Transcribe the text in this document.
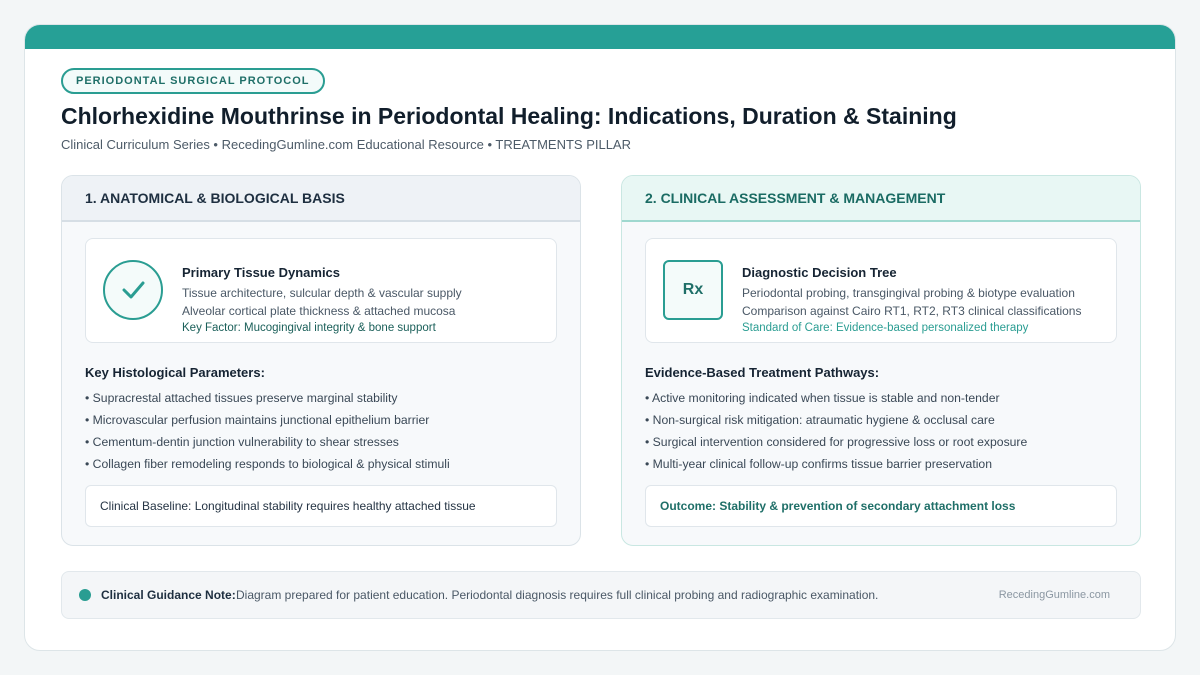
PERIODONTAL SURGICAL PROTOCOL
Chlorhexidine Mouthrinse in Periodontal Healing: Indications, Duration & Staining
Clinical Curriculum Series • RecedingGumline.com Educational Resource • TREATMENTS PILLAR
1. ANATOMICAL & BIOLOGICAL BASIS
Primary Tissue Dynamics
Tissue architecture, sulcular depth & vascular supply
Alveolar cortical plate thickness & attached mucosa
Key Factor: Mucogingival integrity & bone support
Key Histological Parameters:
• Supracrestal attached tissues preserve marginal stability
• Microvascular perfusion maintains junctional epithelium barrier
• Cementum-dentin junction vulnerability to shear stresses
• Collagen fiber remodeling responds to biological & physical stimuli
Clinical Baseline: Longitudinal stability requires healthy attached tissue
2. CLINICAL ASSESSMENT & MANAGEMENT
Rx
Diagnostic Decision Tree
Periodontal probing, transgingival probing & biotype evaluation
Comparison against Cairo RT1, RT2, RT3 clinical classifications
Standard of Care: Evidence-based personalized therapy
Evidence-Based Treatment Pathways:
• Active monitoring indicated when tissue is stable and non-tender
• Non-surgical risk mitigation: atraumatic hygiene & occlusal care
• Surgical intervention considered for progressive loss or root exposure
• Multi-year clinical follow-up confirms tissue barrier preservation
Outcome: Stability & prevention of secondary attachment loss
Clinical Guidance Note: Diagram prepared for patient education. Periodontal diagnosis requires full clinical probing and radiographic examination.	RecedingGumline.com
